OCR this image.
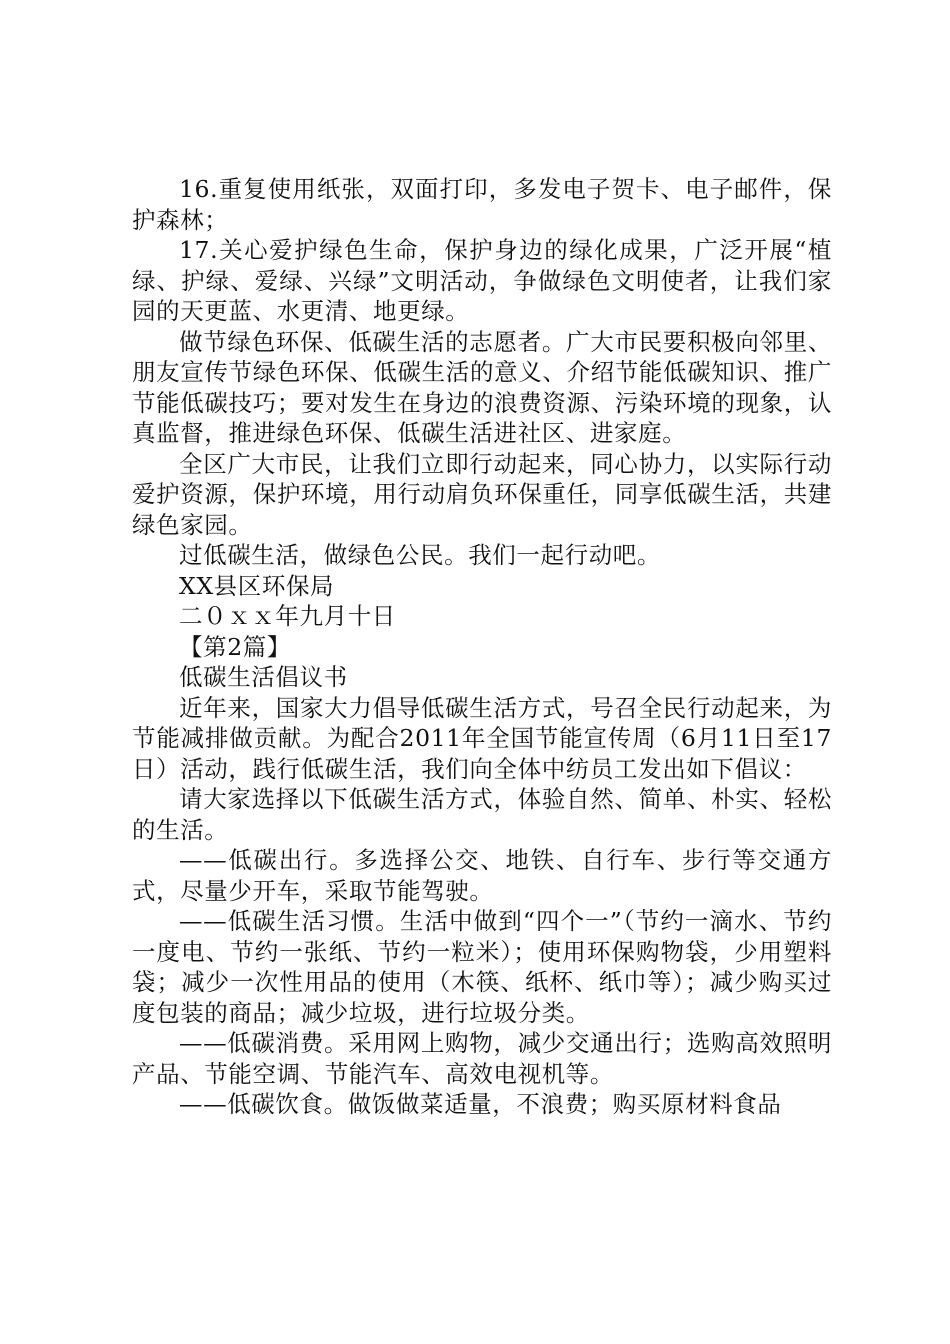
16.重复使用纸张，双面打印，多发电子贺卡、电子邮件，保护森林；

17.关心爱护绿色生命，保护身边的绿化成果，广泛开展“植绿、护绿、爱绿、兴绿”文明活动，争做绿色文明使者，让我们家园的天更蓝、水更清、地更绿。

做节绿色环保、低碳生活的志愿者。广大市民要积极向邻里、朋友宣传节绿色环保、低碳生活的意义、介绍节能低碳知识、推广节能低碳技巧；要对发生在身边的浪费资源、污染环境的现象，认真监督，推进绿色环保、低碳生活进社区、进家庭。

全区广大市民，让我们立即行动起来，同心协力，以实际行动爱护资源，保护环境，用行动肩负环保重任，同享低碳生活，共建绿色家园。

过低碳生活，做绿色公民。我们一起行动吧。

XX县区环保局

二０ｘｘ年九月十日

【第2篇】

低碳生活倡议书

近年来，国家大力倡导低碳生活方式，号召全民行动起来，为节能减排做贡献。为配合2011年全国节能宣传周（6月11日至17日）活动，践行低碳生活，我们向全体中纺员工发出如下倡议：

请大家选择以下低碳生活方式，体验自然、简单、朴实、轻松的生活。

——低碳出行。多选择公交、地铁、自行车、步行等交通方式，尽量少开车，采取节能驾驶。

——低碳生活习惯。生活中做到“四个一”（节约一滴水、节约一度电、节约一张纸、节约一粒米）；使用环保购物袋，少用塑料袋；减少一次性用品的使用（木筷、纸杯、纸巾等）；减少购买过度包装的商品；减少垃圾，进行垃圾分类。

——低碳消费。采用网上购物，减少交通出行；选购高效照明产品、节能空调、节能汽车、高效电视机等。

——低碳饮食。做饭做菜适量，不浪费；购买原材料食品
